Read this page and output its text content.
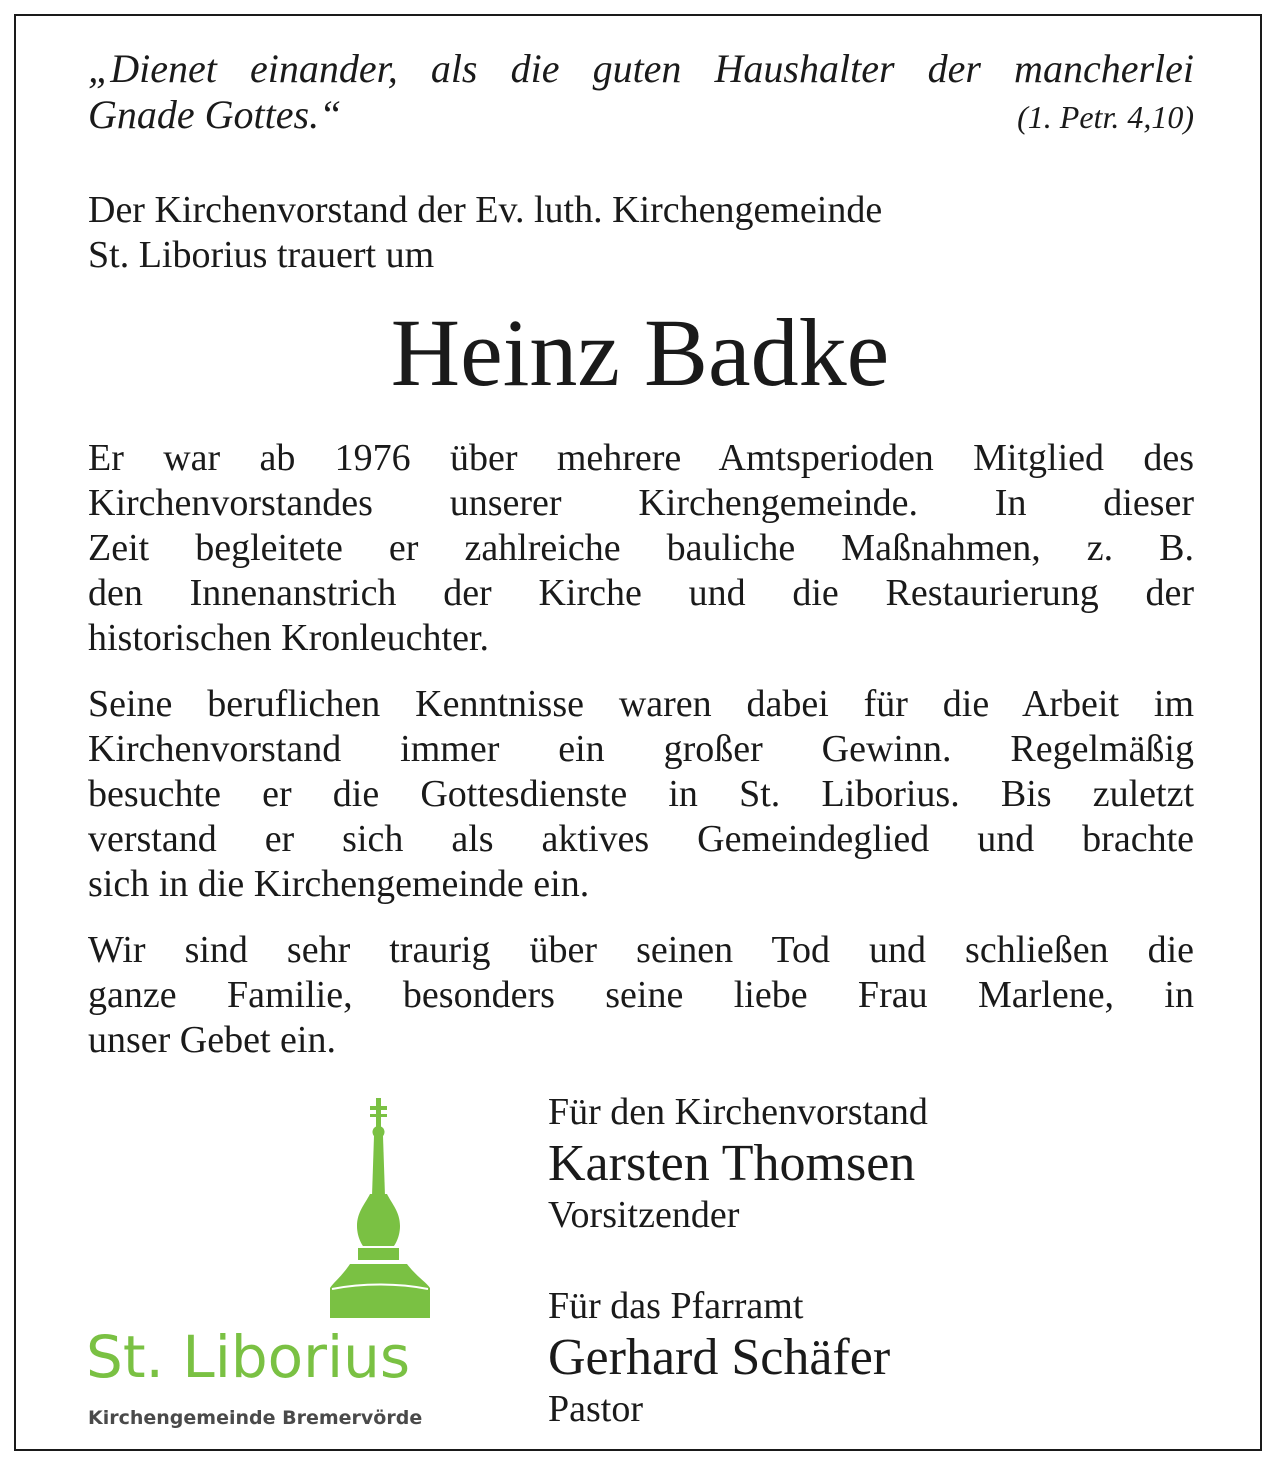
„Dienet einander, als die guten Haushalter der mancherlei
Gnade Gottes.“	(1. Petr. 4,10)
Der Kirchenvorstand der Ev. luth. Kirchengemeinde
St. Liborius trauert um
Heinz Badke
Er war ab 1976 über mehrere Amtsperioden Mitglied des
Kirchenvorstandes unserer Kirchengemeinde. In dieser
Zeit begleitete er zahlreiche bauliche Maßnahmen, z. B.
den Innenanstrich der Kirche und die Restaurierung der
historischen Kronleuchter.
Seine beruflichen Kenntnisse waren dabei für die Arbeit im
Kirchenvorstand immer ein großer Gewinn. Regelmäßig
besuchte er die Gottesdienste in St. Liborius. Bis zuletzt
verstand er sich als aktives Gemeindeglied und brachte
sich in die Kirchengemeinde ein.
Wir sind sehr traurig über seinen Tod und schließen die
ganze Familie, besonders seine liebe Frau Marlene, in
unser Gebet ein.
St. Liborius
Kirchengemeinde Bremervörde
Für den Kirchenvorstand
Karsten Thomsen
Vorsitzender
Für das Pfarramt
Gerhard Schäfer
Pastor
